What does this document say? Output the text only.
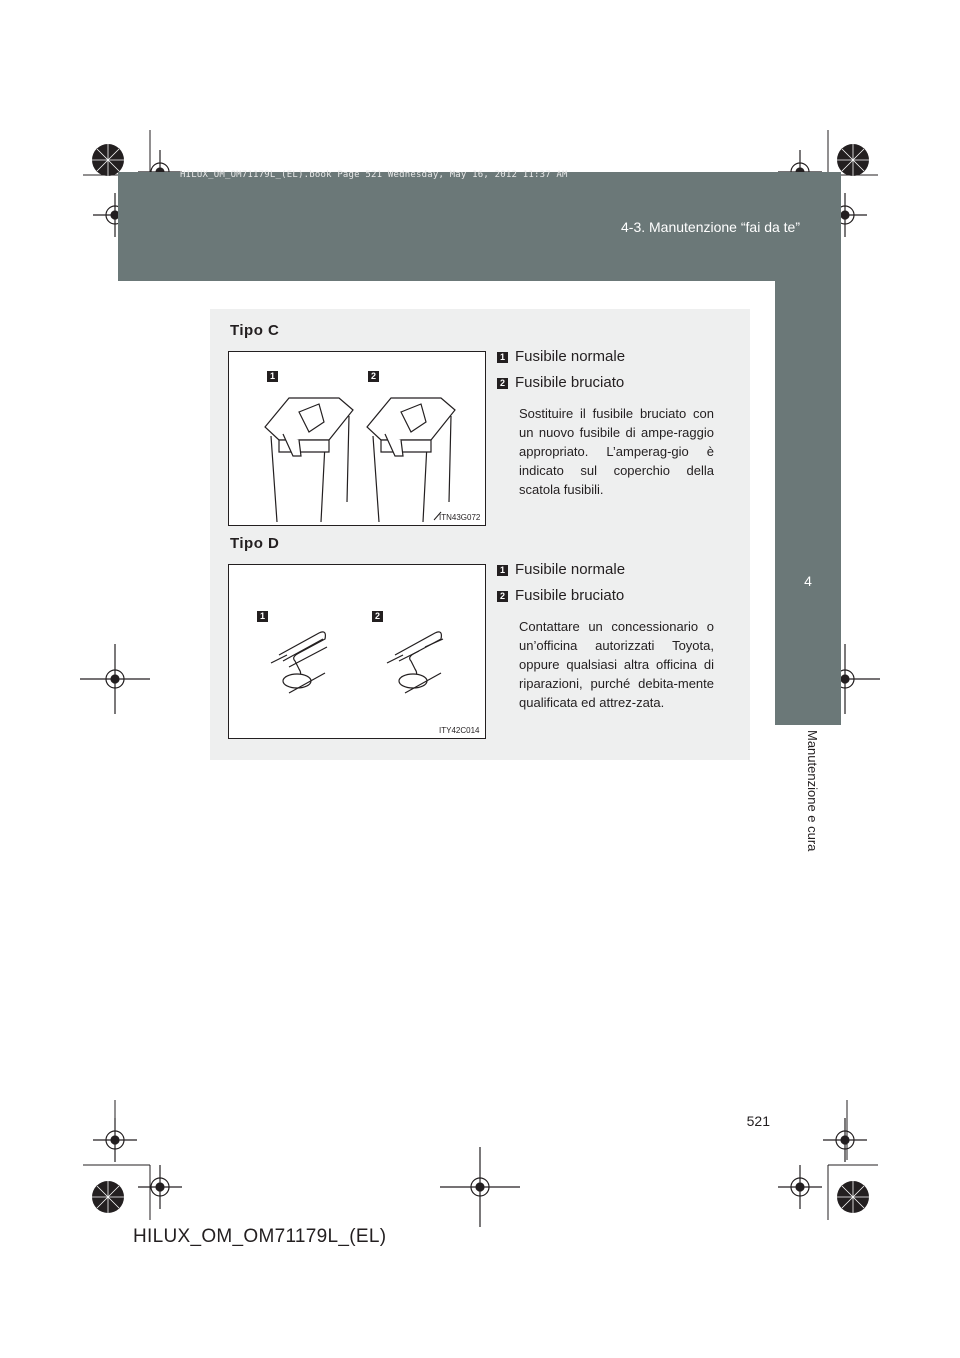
HILUX_OM_OM71179L_(EL).book Page 521 Wednesday, May 16, 2012 11:37 AM
4-3. Manutenzione “fai da te”
4
Manutenzione e cura
Tipo C
1	2
ITN43G072
1 Fusibile normale
2 Fusibile bruciato
Sostituire il fusibile bruciato con un nuovo fusibile di ampe-raggio appropriato. L’amperag-gio è indicato sul coperchio della scatola fusibili.
Tipo D
1	2
ITY42C014
1 Fusibile normale
2 Fusibile bruciato
Contattare un concessionario o un’officina autorizzati Toyota, oppure qualsiasi altra officina di riparazioni, purché debita-mente qualificata ed attrez-zata.
521
HILUX_OM_OM71179L_(EL)
